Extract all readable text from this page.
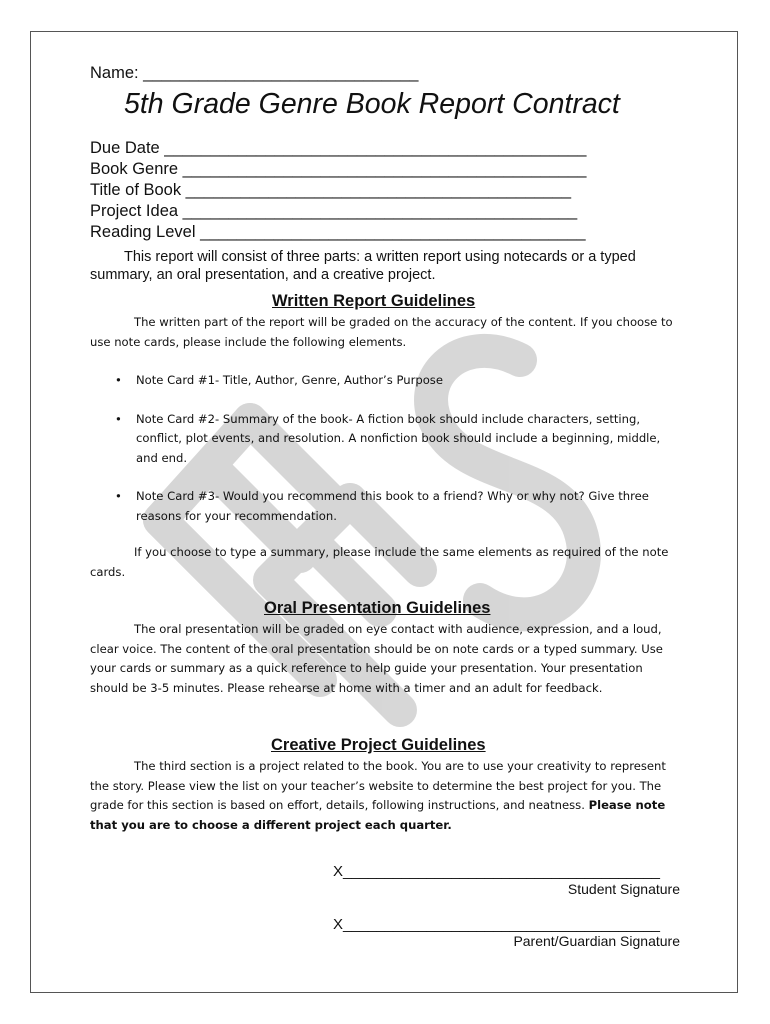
Name: ______________________________
5th Grade Genre Book Report Contract
Due Date ______________________________________________
Book Genre ____________________________________________
Title of Book __________________________________________
Project Idea ___________________________________________
Reading Level __________________________________________
This report will consist of three parts: a written report using notecards or a typed summary, an oral presentation, and a creative project.
Written Report Guidelines
The written part of the report will be graded on the accuracy of the content. If you choose to use note cards, please include the following elements.
• Note Card #1- Title, Author, Genre, Author’s Purpose
• Note Card #2- Summary of the book- A fiction book should include characters, setting, conflict, plot events, and resolution. A nonfiction book should include a beginning, middle, and end.
• Note Card #3- Would you recommend this book to a friend? Why or why not? Give three reasons for your recommendation.
If you choose to type a summary, please include the same elements as required of the note cards.
Oral Presentation Guidelines
The oral presentation will be graded on eye contact with audience, expression, and a loud, clear voice. The content of the oral presentation should be on note cards or a typed summary. Use your cards or summary as a quick reference to help guide your presentation. Your presentation should be 3-5 minutes. Please rehearse at home with a timer and an adult for feedback.
Creative Project Guidelines
The third section is a project related to the book. You are to use your creativity to represent the story. Please view the list on your teacher’s website to determine the best project for you. The grade for this section is based on effort, details, following instructions, and neatness. Please note that you are to choose a different project each quarter.
X______________________________________
Student Signature
X______________________________________
Parent/Guardian Signature
